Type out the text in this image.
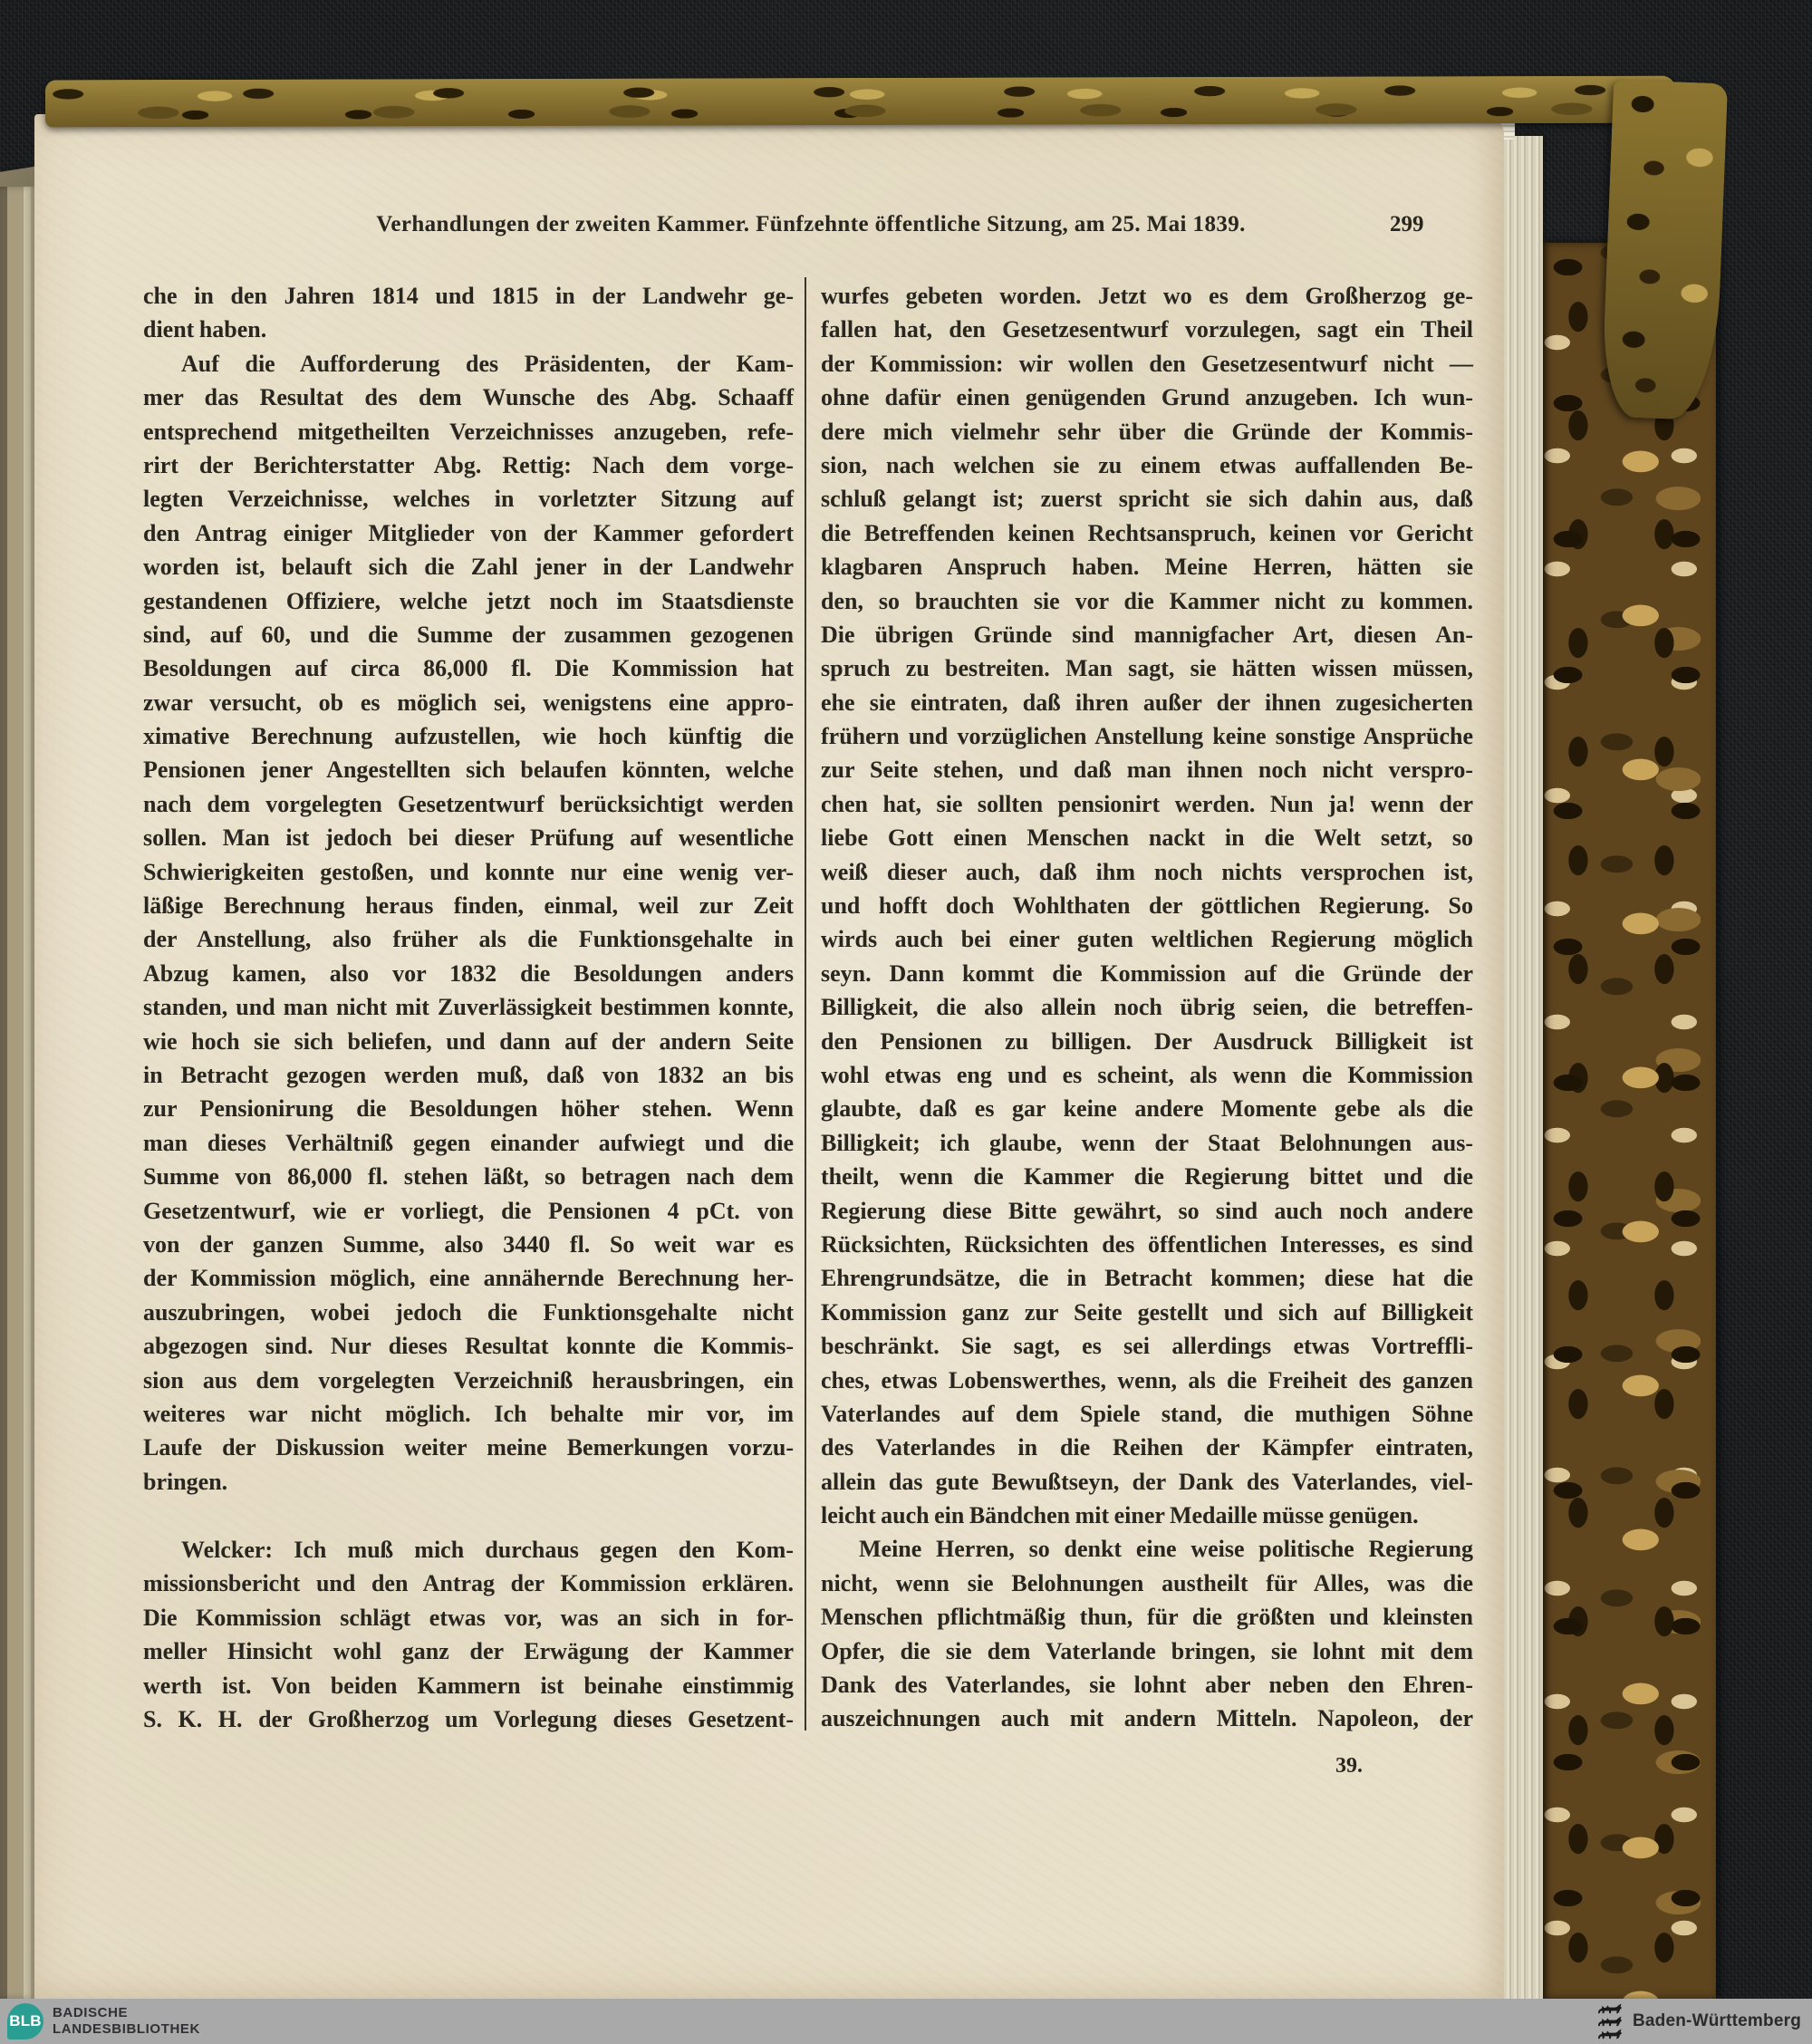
Verhandlungen der zweiten Kammer. Fünfzehnte öffentliche Sitzung, am 25. Mai 1839.	299
che in den Jahren 1814 und 1815 in der Landwehr ge-
dient haben.
Auf die Aufforderung des Präsidenten, der Kam-
mer das Resultat des dem Wunsche des Abg. Schaaff
entsprechend mitgetheilten Verzeichnisses anzugeben, refe-
rirt der Berichterstatter Abg. Rettig: Nach dem vorge-
legten Verzeichnisse, welches in vorletzter Sitzung auf
den Antrag einiger Mitglieder von der Kammer gefordert
worden ist, belauft sich die Zahl jener in der Landwehr
gestandenen Offiziere, welche jetzt noch im Staatsdienste
sind, auf 60, und die Summe der zusammen gezogenen
Besoldungen auf circa 86,000 fl. Die Kommission hat
zwar versucht, ob es möglich sei, wenigstens eine appro-
ximative Berechnung aufzustellen, wie hoch künftig die
Pensionen jener Angestellten sich belaufen könnten, welche
nach dem vorgelegten Gesetzentwurf berücksichtigt werden
sollen. Man ist jedoch bei dieser Prüfung auf wesentliche
Schwierigkeiten gestoßen, und konnte nur eine wenig ver-
läßige Berechnung heraus finden, einmal, weil zur Zeit
der Anstellung, also früher als die Funktionsgehalte in
Abzug kamen, also vor 1832 die Besoldungen anders
standen, und man nicht mit Zuverlässigkeit bestimmen konnte,
wie hoch sie sich beliefen, und dann auf der andern Seite
in Betracht gezogen werden muß, daß von 1832 an bis
zur Pensionirung die Besoldungen höher stehen. Wenn
man dieses Verhältniß gegen einander aufwiegt und die
Summe von 86,000 fl. stehen läßt, so betragen nach dem
Gesetzentwurf, wie er vorliegt, die Pensionen 4 pCt. von
von der ganzen Summe, also 3440 fl. So weit war es
der Kommission möglich, eine annähernde Berechnung her-
auszubringen, wobei jedoch die Funktionsgehalte nicht
abgezogen sind. Nur dieses Resultat konnte die Kommis-
sion aus dem vorgelegten Verzeichniß herausbringen, ein
weiteres war nicht möglich. Ich behalte mir vor, im
Laufe der Diskussion weiter meine Bemerkungen vorzu-
bringen.
Welcker: Ich muß mich durchaus gegen den Kom-
missionsbericht und den Antrag der Kommission erklären.
Die Kommission schlägt etwas vor, was an sich in for-
meller Hinsicht wohl ganz der Erwägung der Kammer
werth ist. Von beiden Kammern ist beinahe einstimmig
S. K. H. der Großherzog um Vorlegung dieses Gesetzent-
wurfes gebeten worden. Jetzt wo es dem Großherzog ge-
fallen hat, den Gesetzesentwurf vorzulegen, sagt ein Theil
der Kommission: wir wollen den Gesetzesentwurf nicht —
ohne dafür einen genügenden Grund anzugeben. Ich wun-
dere mich vielmehr sehr über die Gründe der Kommis-
sion, nach welchen sie zu einem etwas auffallenden Be-
schluß gelangt ist; zuerst spricht sie sich dahin aus, daß
die Betreffenden keinen Rechtsanspruch, keinen vor Gericht
klagbaren Anspruch haben. Meine Herren, hätten sie
den, so brauchten sie vor die Kammer nicht zu kommen.
Die übrigen Gründe sind mannigfacher Art, diesen An-
spruch zu bestreiten. Man sagt, sie hätten wissen müssen,
ehe sie eintraten, daß ihren außer der ihnen zugesicherten
frühern und vorzüglichen Anstellung keine sonstige Ansprüche
zur Seite stehen, und daß man ihnen noch nicht verspro-
chen hat, sie sollten pensionirt werden. Nun ja! wenn der
liebe Gott einen Menschen nackt in die Welt setzt, so
weiß dieser auch, daß ihm noch nichts versprochen ist,
und hofft doch Wohlthaten der göttlichen Regierung. So
wirds auch bei einer guten weltlichen Regierung möglich
seyn. Dann kommt die Kommission auf die Gründe der
Billigkeit, die also allein noch übrig seien, die betreffen-
den Pensionen zu billigen. Der Ausdruck Billigkeit ist
wohl etwas eng und es scheint, als wenn die Kommission
glaubte, daß es gar keine andere Momente gebe als die
Billigkeit; ich glaube, wenn der Staat Belohnungen aus-
theilt, wenn die Kammer die Regierung bittet und die
Regierung diese Bitte gewährt, so sind auch noch andere
Rücksichten, Rücksichten des öffentlichen Interesses, es sind
Ehrengrundsätze, die in Betracht kommen; diese hat die
Kommission ganz zur Seite gestellt und sich auf Billigkeit
beschränkt. Sie sagt, es sei allerdings etwas Vortreffli-
ches, etwas Lobenswerthes, wenn, als die Freiheit des ganzen
Vaterlandes auf dem Spiele stand, die muthigen Söhne
des Vaterlandes in die Reihen der Kämpfer eintraten,
allein das gute Bewußtseyn, der Dank des Vaterlandes, viel-
leicht auch ein Bändchen mit einer Medaille müsse genügen.
Meine Herren, so denkt eine weise politische Regierung
nicht, wenn sie Belohnungen austheilt für Alles, was die
Menschen pflichtmäßig thun, für die größten und kleinsten
Opfer, die sie dem Vaterlande bringen, sie lohnt mit dem
Dank des Vaterlandes, sie lohnt aber neben den Ehren-
auszeichnungen auch mit andern Mitteln. Napoleon, der
39.
BLB BADISCHE
LANDESBIBLIOTHEK	Baden-Württemberg
